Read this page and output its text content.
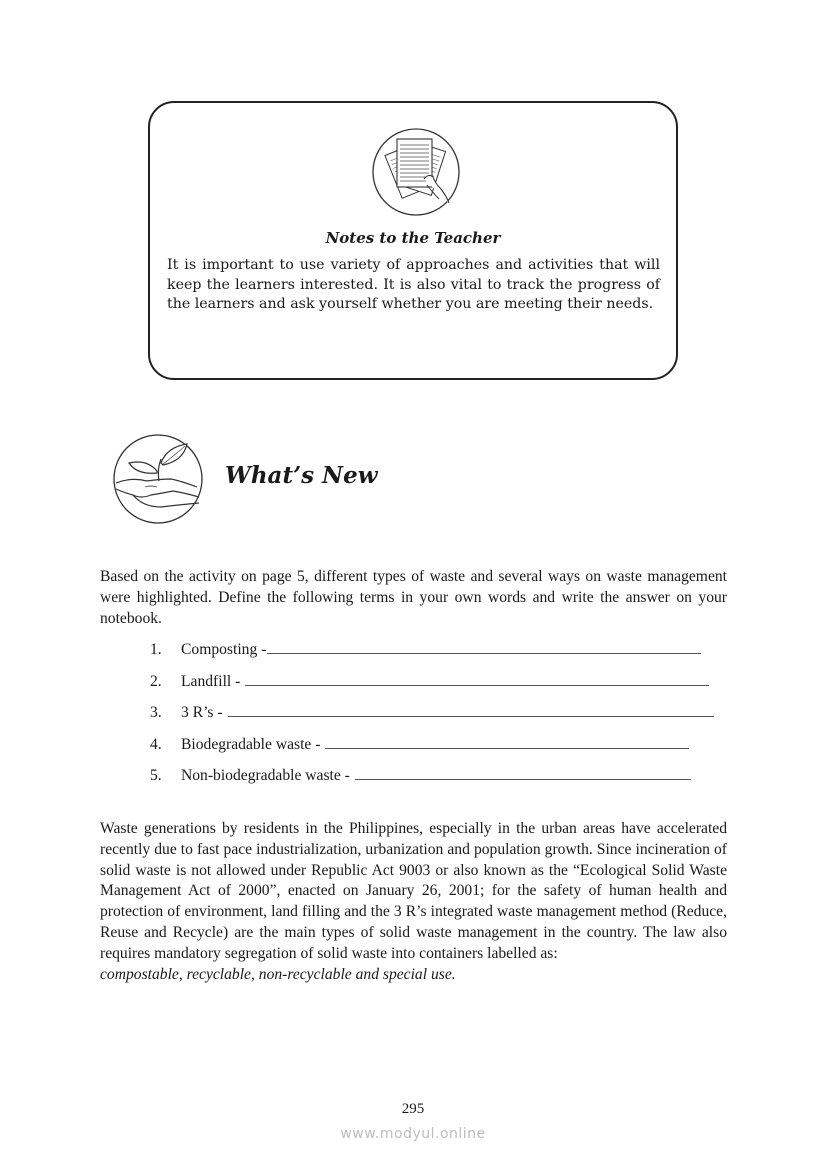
Notes to the Teacher
It is important to use variety of approaches and activities that will keep the learners interested. It is also vital to track the progress of the learners and ask yourself whether you are meeting their needs.
What’s New
Based on the activity on page 5, different types of waste and several ways on waste management were highlighted. Define the following terms in your own words and write the answer on your notebook.
1.	Composting -
2.	Landfill -
3.	3 R’s -
4.	Biodegradable waste -
5.	Non-biodegradable waste -
Waste generations by residents in the Philippines, especially in the urban areas have accelerated recently due to fast pace industrialization, urbanization and population growth. Since incineration of solid waste is not allowed under Republic Act 9003 or also known as the “Ecological Solid Waste Management Act of 2000”, enacted on January 26, 2001; for the safety of human health and protection of environment, land filling and the 3 R’s integrated waste management method (Reduce, Reuse and Recycle) are the main types of solid waste management in the country. The law also requires mandatory segregation of solid waste into containers labelled as:
compostable, recyclable, non-recyclable and special use.
295
www.modyul.online
